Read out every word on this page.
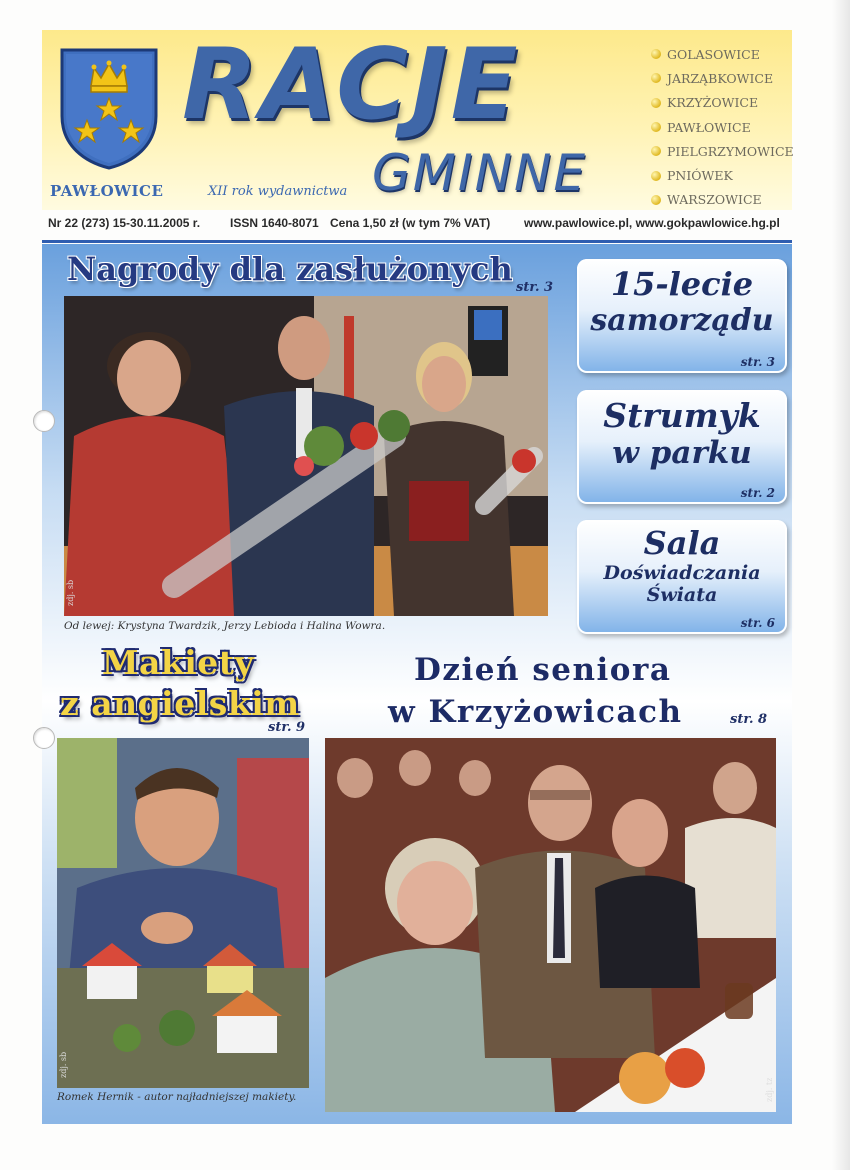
RACJE
GMINNE
PAWŁOWICE	XII rok wydawnictwa
GOLASOWICE
JARZĄBKOWICE
KRZYŻOWICE
PAWŁOWICE
PIELGRZYMOWICE
PNIÓWEK
WARSZOWICE
Nr 22 (273) 15-30.11.2005 r. ISSN 1640-8071 Cena 1,50 zł (w tym 7% VAT)	www.pawlowice.pl, www.gokpawlowice.hg.pl
Nagrody dla zasłużonych str. 3
zdj. sb
Od lewej: Krystyna Twardzik, Jerzy Lebioda i Halina Wowra.
15-lecie
samorządu
str. 3
Strumyk
w parku
str. 2
Sala
Doświadczania
Świata
str. 6
Makiety
z angielskim
str. 9
Dzień seniora
w Krzyżowicach	str. 8
zdj. sb
Romek Hernik - autor najładniejszej makiety.	zdj. tz
